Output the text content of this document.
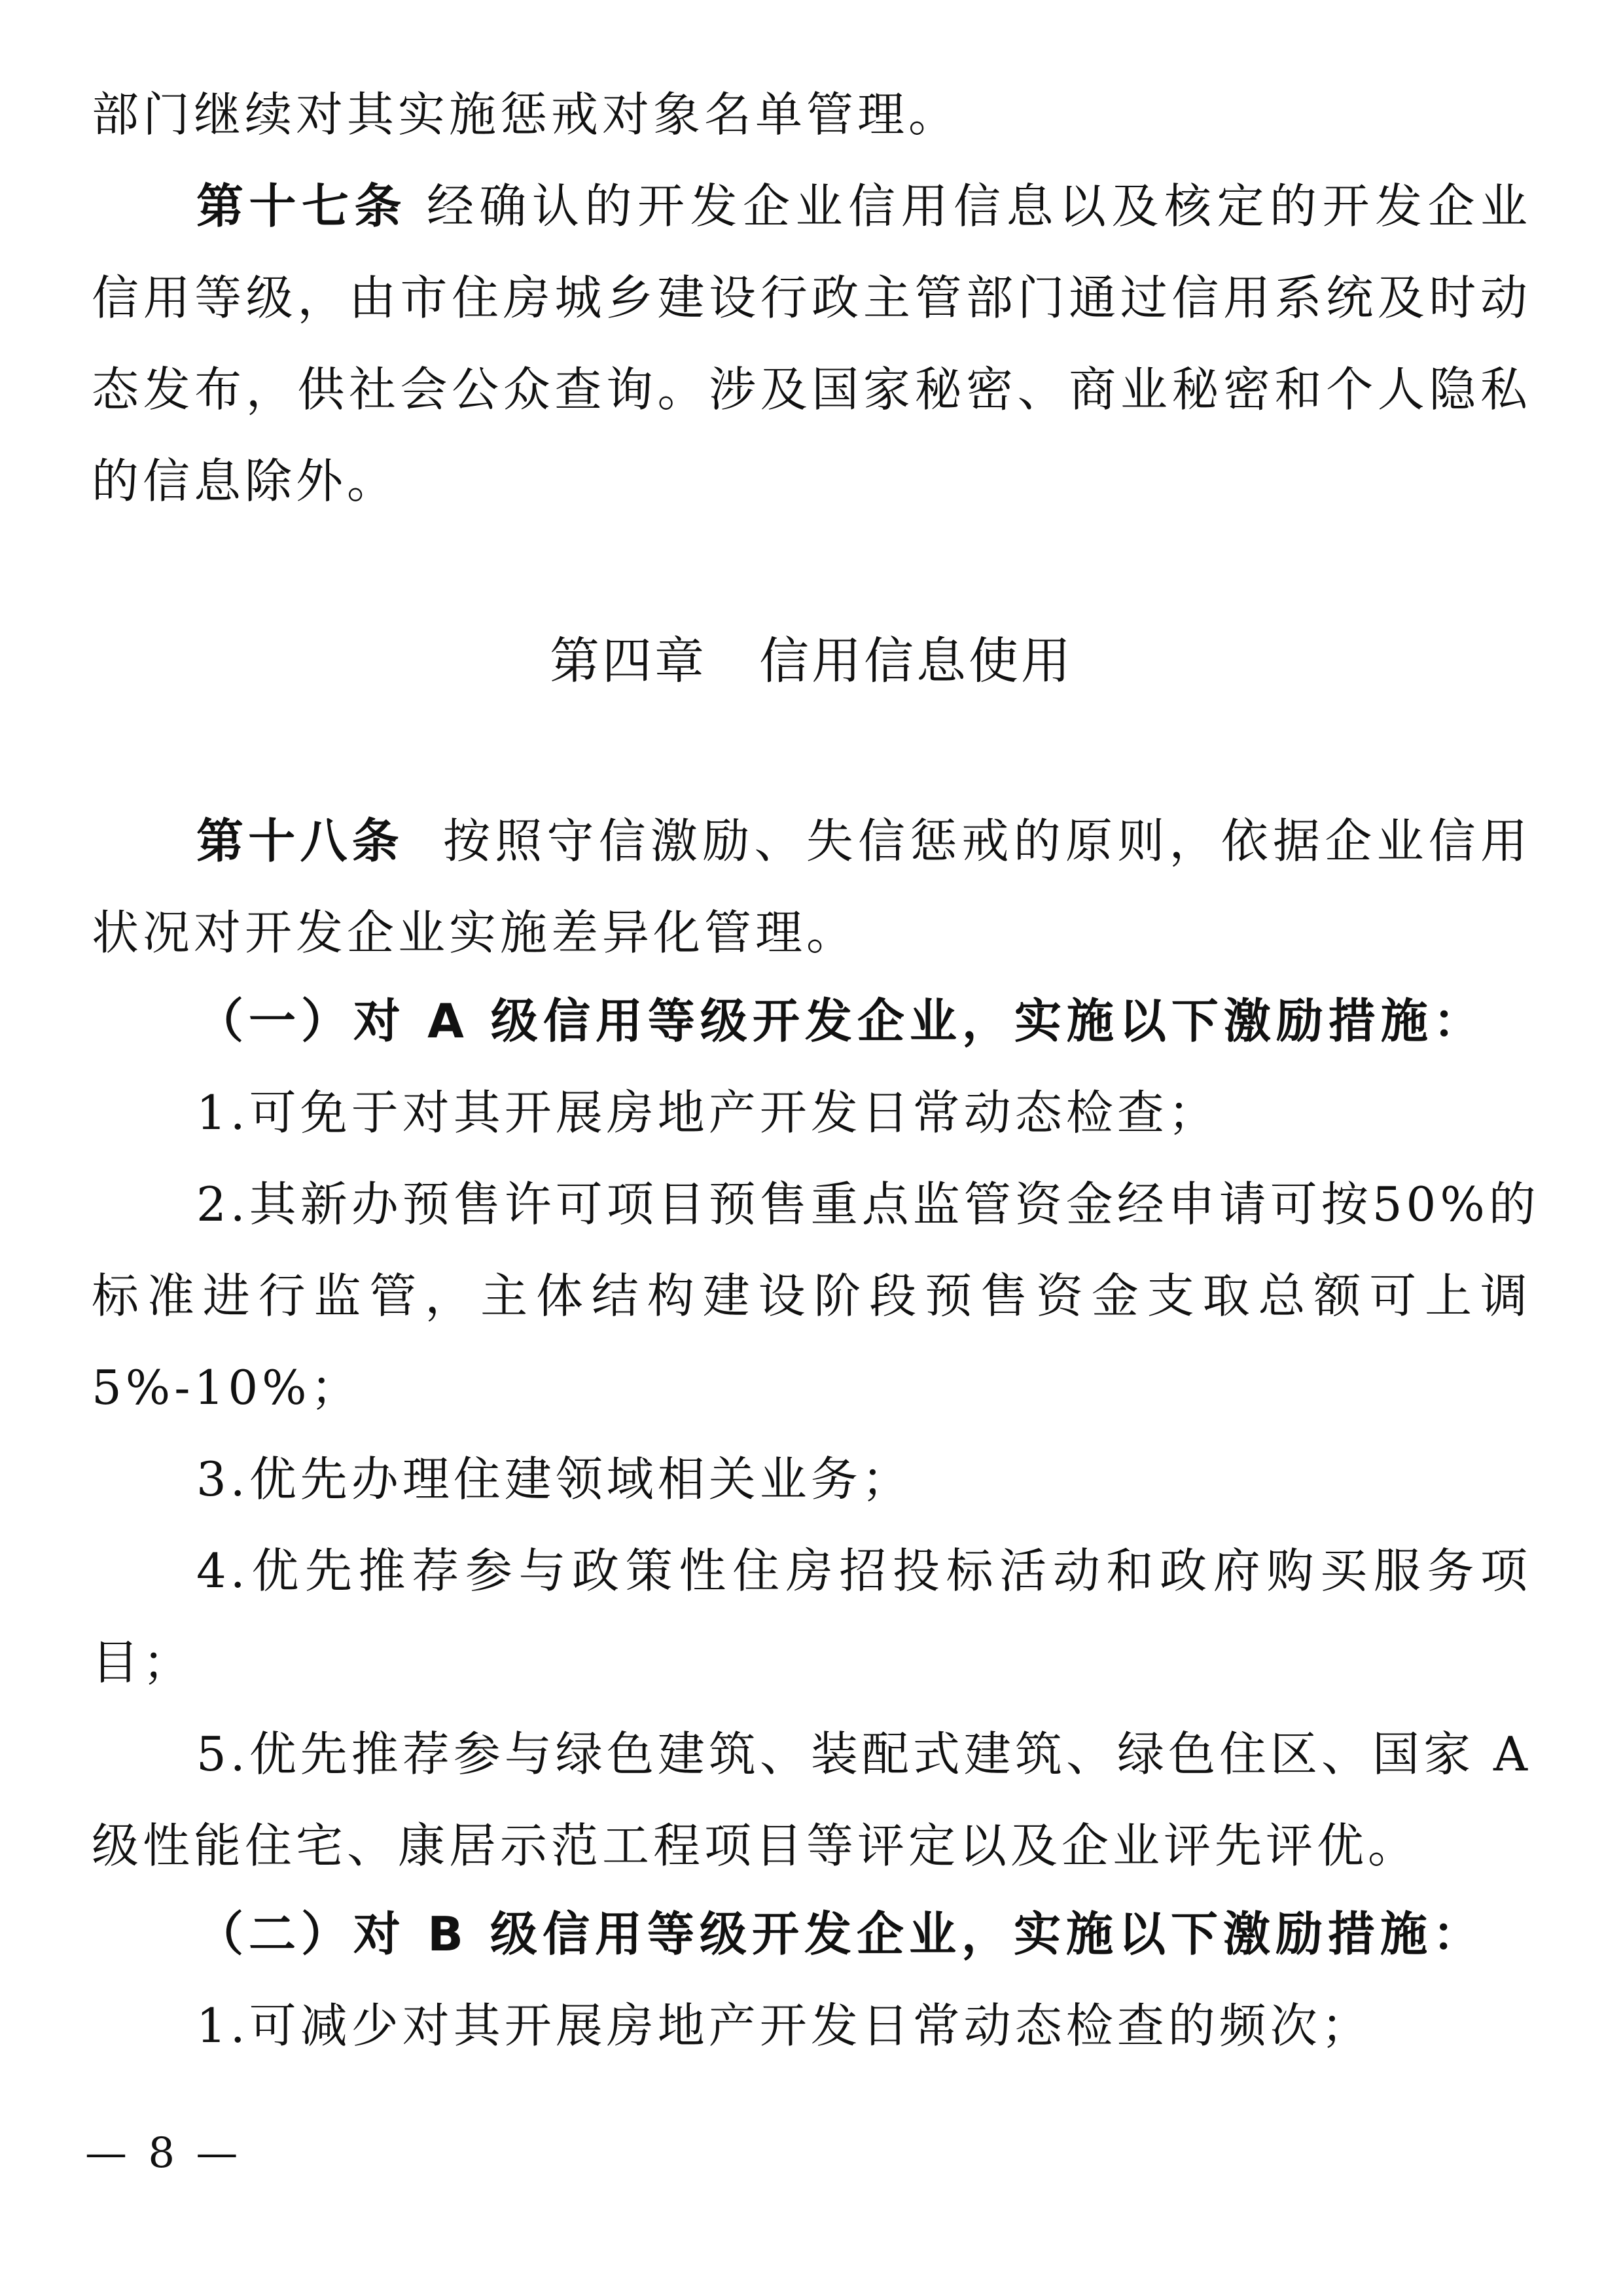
部门继续对其实施惩戒对象名单管理。
第十七条 经确认的开发企业信用信息以及核定的开发企业
信用等级，由市住房城乡建设行政主管部门通过信用系统及时动
态发布，供社会公众查询。涉及国家秘密、商业秘密和个人隐私
的信息除外。
第四章 信用信息使用
第十八条 按照守信激励、失信惩戒的原则，依据企业信用
状况对开发企业实施差异化管理。
（一）对 A 级信用等级开发企业，实施以下激励措施：
1.可免于对其开展房地产开发日常动态检查；
2.其新办预售许可项目预售重点监管资金经申请可按50%的
标准进行监管，主体结构建设阶段预售资金支取总额可上调
5%-10%；
3.优先办理住建领域相关业务；
4.优先推荐参与政策性住房招投标活动和政府购买服务项
目；
5.优先推荐参与绿色建筑、装配式建筑、绿色住区、国家 A
级性能住宅、康居示范工程项目等评定以及企业评先评优。
（二）对 B 级信用等级开发企业，实施以下激励措施：
1.可减少对其开展房地产开发日常动态检查的频次；
— 8 —
